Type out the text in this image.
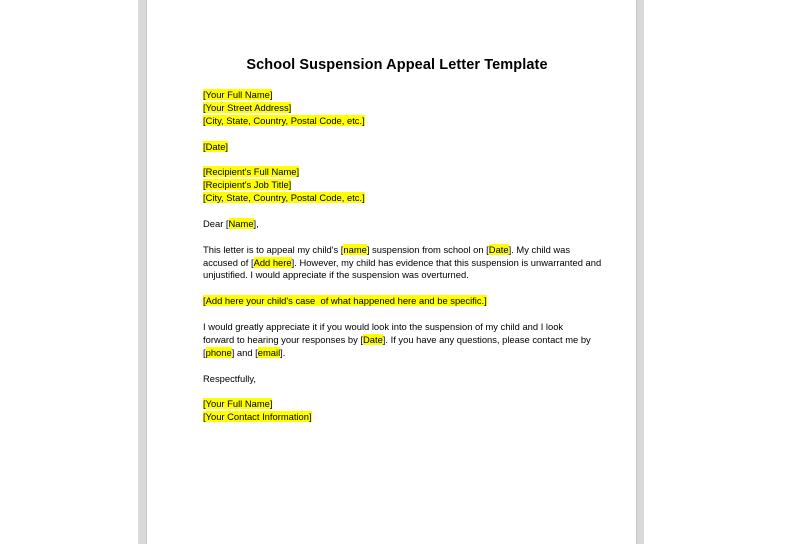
School Suspension Appeal Letter Template
[Your Full Name]
[Your Street Address]
[City, State, Country, Postal Code, etc.]
[Date]
[Recipient's Full Name]
[Recipient's Job Title]
[City, State, Country, Postal Code, etc.]
Dear [Name],
This letter is to appeal my child's [name] suspension from school on [Date]. My child was
accused of [Add here]. However, my child has evidence that this suspension is unwarranted and
unjustified. I would appreciate if the suspension was overturned.
[Add here your child's case  of what happened here and be specific.]
I would greatly appreciate it if you would look into the suspension of my child and I look
forward to hearing your responses by [Date]. If you have any questions, please contact me by
[phone] and [email].
Respectfully,
[Your Full Name]
[Your Contact Information]
